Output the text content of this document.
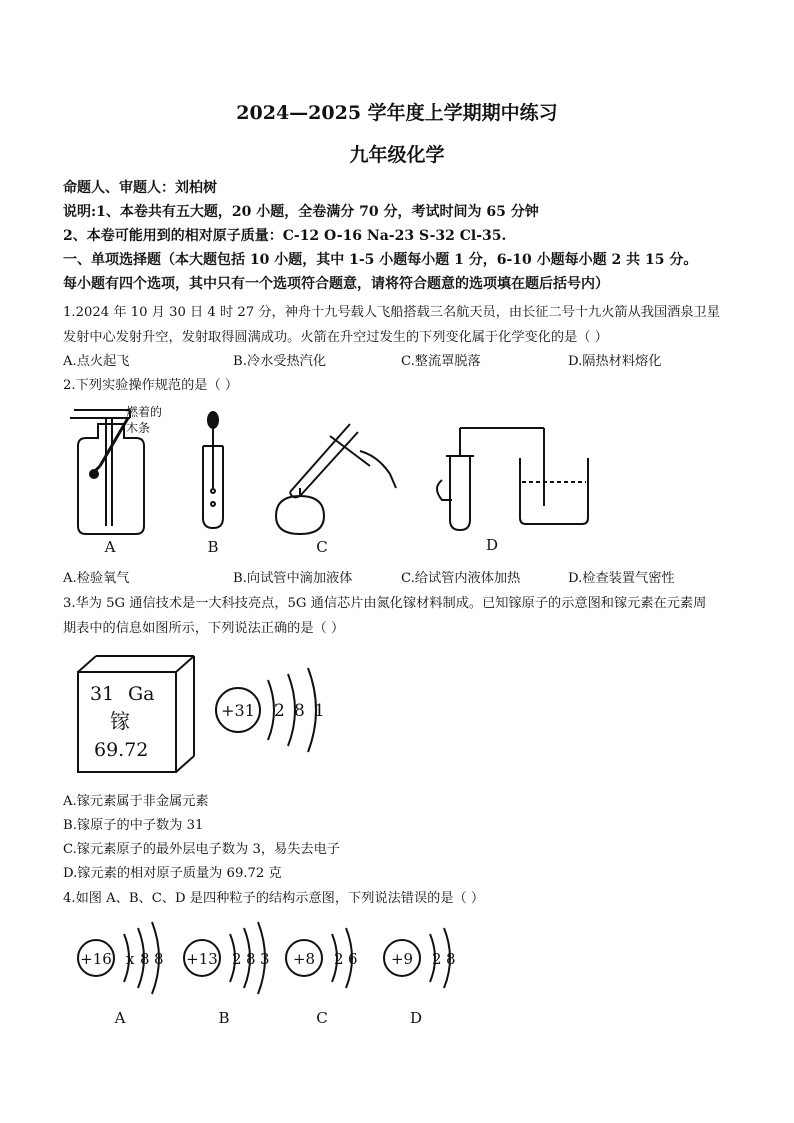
2024—2025 学年度上学期期中练习
九年级化学
命题人、审题人：刘柏树
说明:1、本卷共有五大题，20 小题，全卷满分 70 分，考试时间为 65 分钟
2、本卷可能用到的相对原子质量：C-12 O-16 Na-23 S-32 Cl-35.
一、单项选择题（本大题包括 10 小题，其中 1-5 小题每小题 1 分，6-10 小题每小题 2 共 15 分。
每小题有四个选项，其中只有一个选项符合题意，请将符合题意的选项填在题后括号内）
1.2024 年 10 月 30 日 4 时 27 分，神舟十九号载人飞船搭载三名航天员，由长征二号十九火箭从我国酒泉卫星
发射中心发射升空，发射取得圆满成功。火箭在升空过发生的下列变化属于化学变化的是（ ）
A.点火起飞	B.冷水受热汽化	C.整流罩脱落	D.隔热材料熔化
2.下列实验操作规范的是（ ）
燃着的
木条
A	B	C	D
A.检验氧气	B.向试管中滴加液体	C.给试管内液体加热	D.检查装置气密性
3.华为 5G 通信技术是一大科技亮点，5G 通信芯片由氮化镓材料制成。已知镓原子的示意图和镓元素在元素周
期表中的信息如图所示，下列说法正确的是（ ）
31 Ga
镓
69.72
+31 2 8 1
A.镓元素属于非金属元素
B.镓原子的中子数为 31
C.镓元素原子的最外层电子数为 3，易失去电子
D.镓元素的相对原子质量为 69.72 克
4.如图 A、B、C、D 是四种粒子的结构示意图，下列说法错误的是（ ）
+16 x 8 8
A
+13 2 8 3
B
+8 2 6
C
+9 2 8
D
